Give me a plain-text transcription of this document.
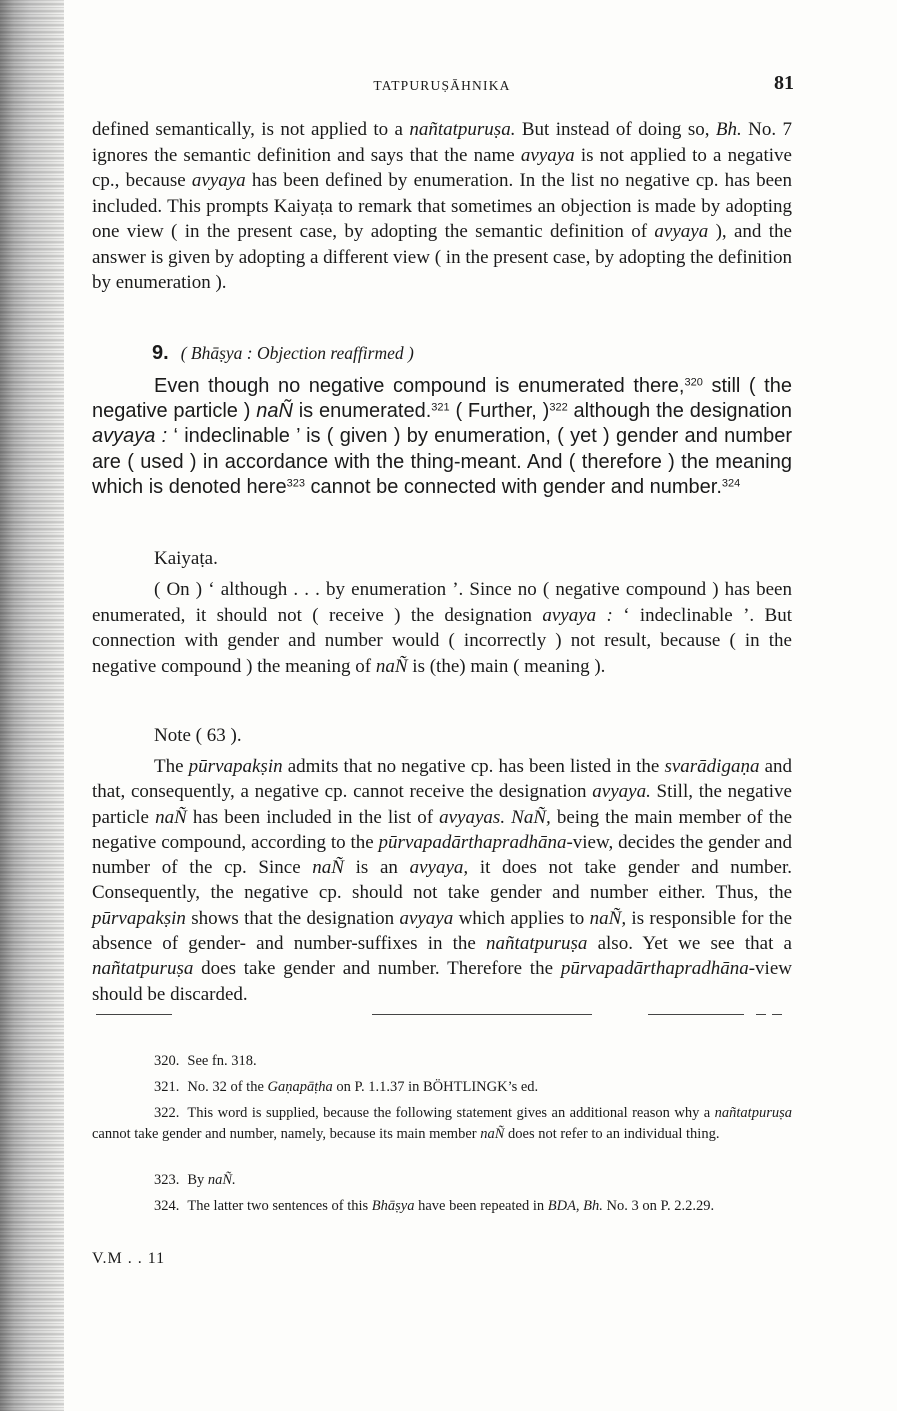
TATPURUṢĀHNIKA	81

defined semantically, is not applied to a nañtatpuruṣa. But instead of doing so, Bh. No. 7 ignores the semantic definition and says that the name avyaya is not applied to a negative cp., because avyaya has been defined by enumeration. In the list no negative cp. has been included. This prompts Kaiyaṭa to remark that sometimes an objection is made by adopting one view ( in the present case, by adopting the semantic definition of avyaya ), and the answer is given by adopting a different view ( in the present case, by adopting the definition by enumeration ).

9. ( Bhāṣya : Objection reaffirmed )

Even though no negative compound is enumerated there,$^{320}$ still ( the negative particle ) naÑ is enumerated.$^{321}$ ( Further, )$^{322}$ although the designation avyaya : ‘ indeclinable ’ is ( given ) by enumeration, ( yet ) gender and number are ( used ) in accordance with the thing-meant. And ( therefore ) the meaning which is denoted here$^{323}$ cannot be connected with gender and number.$^{324}$

Kaiyaṭa.

( On ) ‘ although . . . by enumeration ’. Since no ( negative compound ) has been enumerated, it should not ( receive ) the designation avyaya : ‘ indeclinable ’. But connection with gender and number would ( incorrectly ) not result, because ( in the negative compound ) the meaning of naÑ is (the) main ( meaning ).

Note ( 63 ).

The pūrvapakṣin admits that no negative cp. has been listed in the svarādigaṇa and that, consequently, a negative cp. cannot receive the designation avyaya. Still, the negative particle naÑ has been included in the list of avyayas. NaÑ, being the main member of the negative compound, according to the pūrvapadārthapradhāna-view, decides the gender and number of the cp. Since naÑ is an avyaya, it does not take gender and number. Consequently, the negative cp. should not take gender and number either. Thus, the pūrvapakṣin shows that the designation avyaya which applies to naÑ, is responsible for the absence of gender- and number-suffixes in the nañtatpuruṣa also. Yet we see that a nañtatpuruṣa does take gender and number. Therefore the pūrvapadārthapradhāna-view should be discarded.

320. See fn. 318.
321. No. 32 of the Gaṇapāṭha on P. 1.1.37 in BÖHTLINGK’s ed.

322. This word is supplied, because the following statement gives an additional reason why a nañtatpuruṣa cannot take gender and number, namely, because its main member naÑ does not refer to an individual thing.

323. By naÑ.

324. The latter two sentences of this Bhāṣya have been repeated in BDA, Bh. No. 3 on P. 2.2.29.

V.M . . 11
